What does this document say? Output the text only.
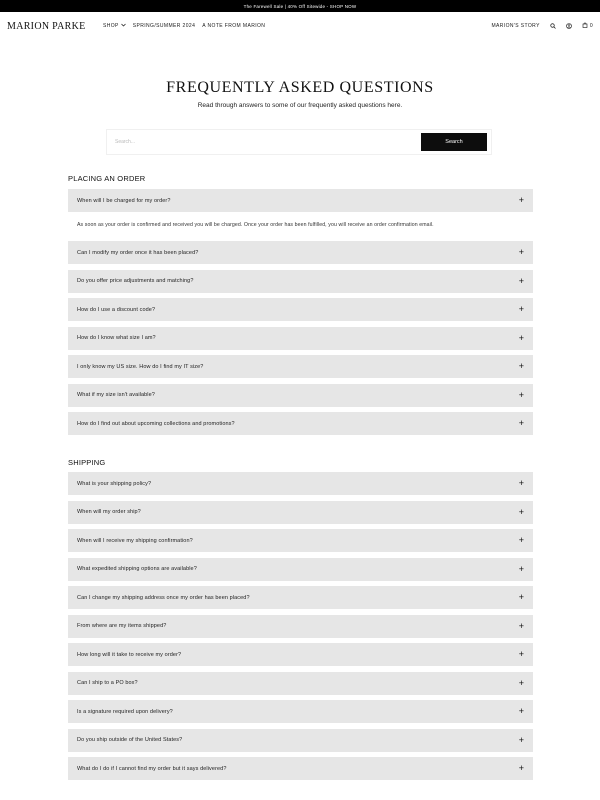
The Farewell Sale | 40% Off Sitewide - SHOP NOW
MARION PARKE	SHOP	SPRING/SUMMER 2024 A NOTE FROM MARION	MARION'S STORY	0
FREQUENTLY ASKED QUESTIONS

Read through answers to some of our frequently asked questions here.

Search...
Search
PLACING AN ORDER
When will I be charged for my order?	+
As soon as your order is confirmed and received you will be charged. Once your order has been fulfilled, you will receive an order confirmation email.
Can I modify my order once it has been placed?	+
Do you offer price adjustments and matching?	+
How do I use a discount code?	+
How do I know what size I am?	+
I only know my US size. How do I find my IT size?	+
What if my size isn't available?	+
How do I find out about upcoming collections and promotions?	+
SHIPPING
What is your shipping policy?	+
When will my order ship?	+
When will I receive my shipping confirmation?	+
What expedited shipping options are available?	+
Can I change my shipping address once my order has been placed?	+
From where are my items shipped?	+
How long will it take to receive my order?	+
Can I ship to a PO box?	+
Is a signature required upon delivery?	+
Do you ship outside of the United States?	+
What do I do if I cannot find my order but it says delivered?	+
